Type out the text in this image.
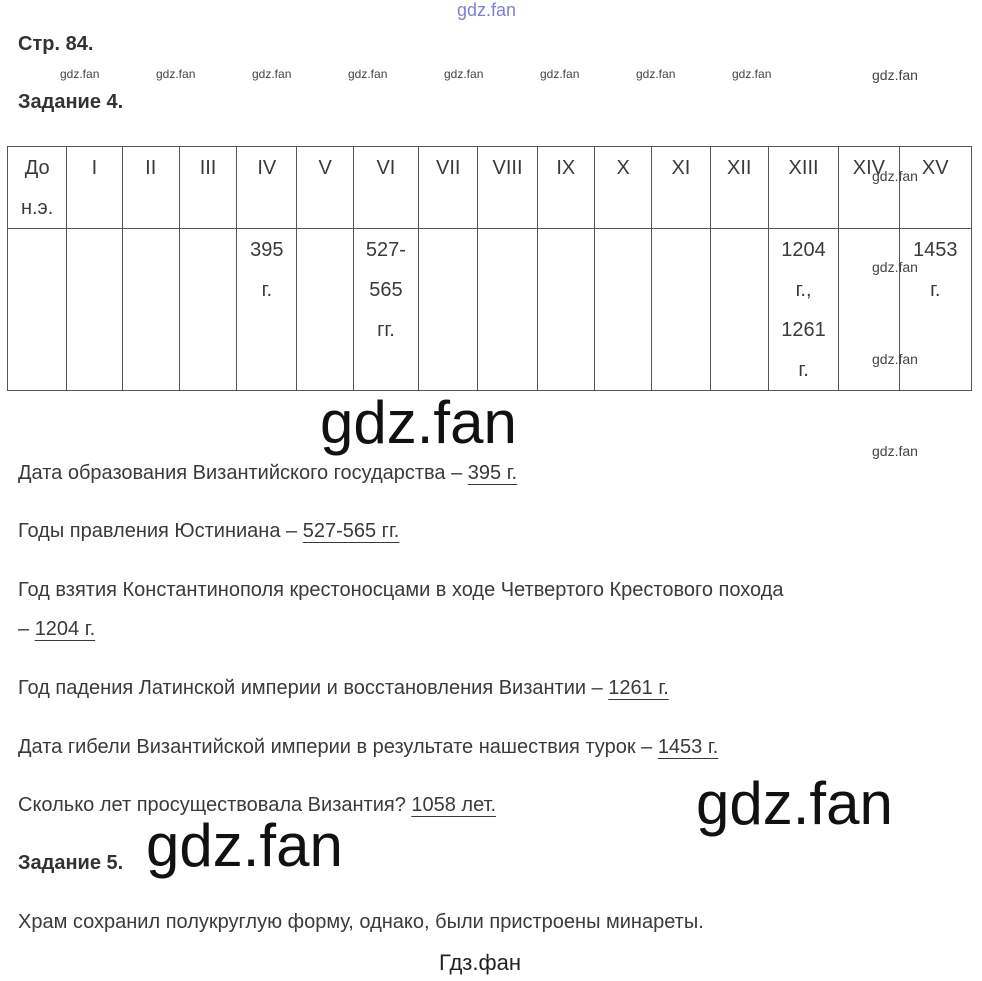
gdz.fan
Стр. 84.
gdz.fan	gdz.fan	gdz.fan	gdz.fan	gdz.fan	gdz.fan	gdz.fan	gdz.fan	gdz.fan
Задание 4.
До
н.э.	I	II	III	IV	V	VI	VII	VIII	IX	X	XI	XII	XIII	XIV	XV

				395
г.		527-
565
гг.							1204
г.,
1261
г.		1453
г.
gdz.fan
gdz.fan
gdz.fan
gdz.fan
gdz.fan
gdz.fan
gdz.fan
Дата образования Византийского государства – 395 г.
Годы правления Юстиниана – 527-565 гг.
Год взятия Константинополя крестоносцами в ходе Четвертого Крестового похода
– 1204 г.
Год падения Латинской империи и восстановления Византии – 1261 г.
Дата гибели Византийской империи в результате нашествия турок – 1453 г.
Сколько лет просуществовала Византия? 1058 лет.
Задание 5.
Храм сохранил полукруглую форму, однако, были пристроены минареты.
Гдз.фан
